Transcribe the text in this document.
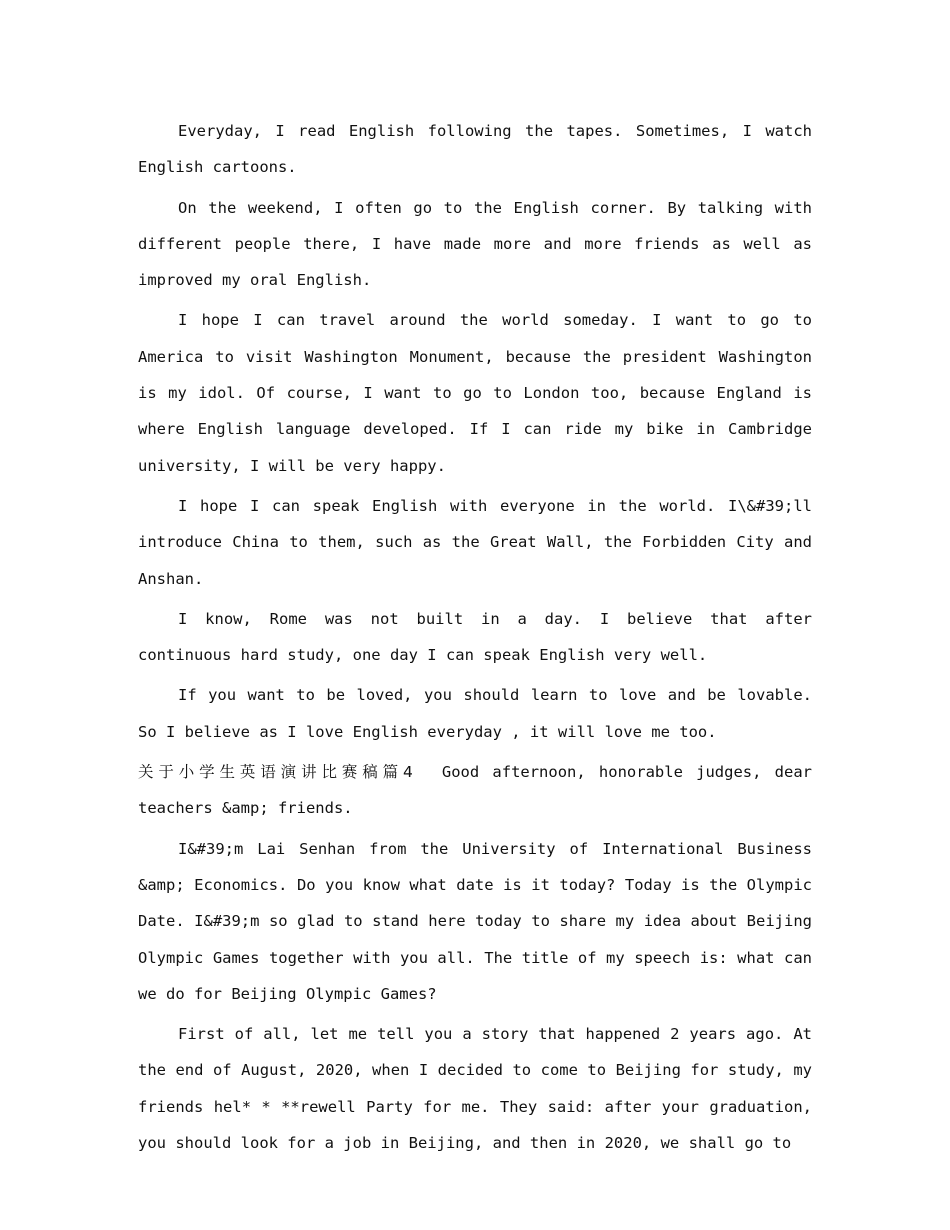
Everyday, I read English following the tapes. Sometimes, I watch English cartoons.

On the weekend, I often go to the English corner. By talking with different people there, I have made more and more friends as well as improved my oral English.

I hope I can travel around the world someday. I want to go to America to visit Washington Monument, because the president Washington is my idol. Of course, I want to go to London too, because England is where English language developed. If I can ride my bike in Cambridge university, I will be very happy.

I hope I can speak English with everyone in the world. I\&#39;ll introduce China to them, such as the Great Wall, the Forbidden City and Anshan.

I know, Rome was not built in a day. I believe that after continuous hard study, one day I can speak English very well.

If you want to be loved, you should learn to love and be lovable. So I believe as I love English everyday , it will love me too.

关于小学生英语演讲比赛稿篇4 Good afternoon, honorable judges, dear teachers &amp; friends.

I&#39;m Lai Senhan from the University of International Business &amp; Economics. Do you know what date is it today? Today is the Olympic Date. I&#39;m so glad to stand here today to share my idea about Beijing Olympic Games together with you all. The title of my speech is: what can we do for Beijing Olympic Games?

First of all, let me tell you a story that happened 2 years ago. At the end of August, 2020, when I decided to come to Beijing for study, my friends hel* * **rewell Party for me. They said: after your graduation, you should look for a job in Beijing, and then in 2020, we shall go to
